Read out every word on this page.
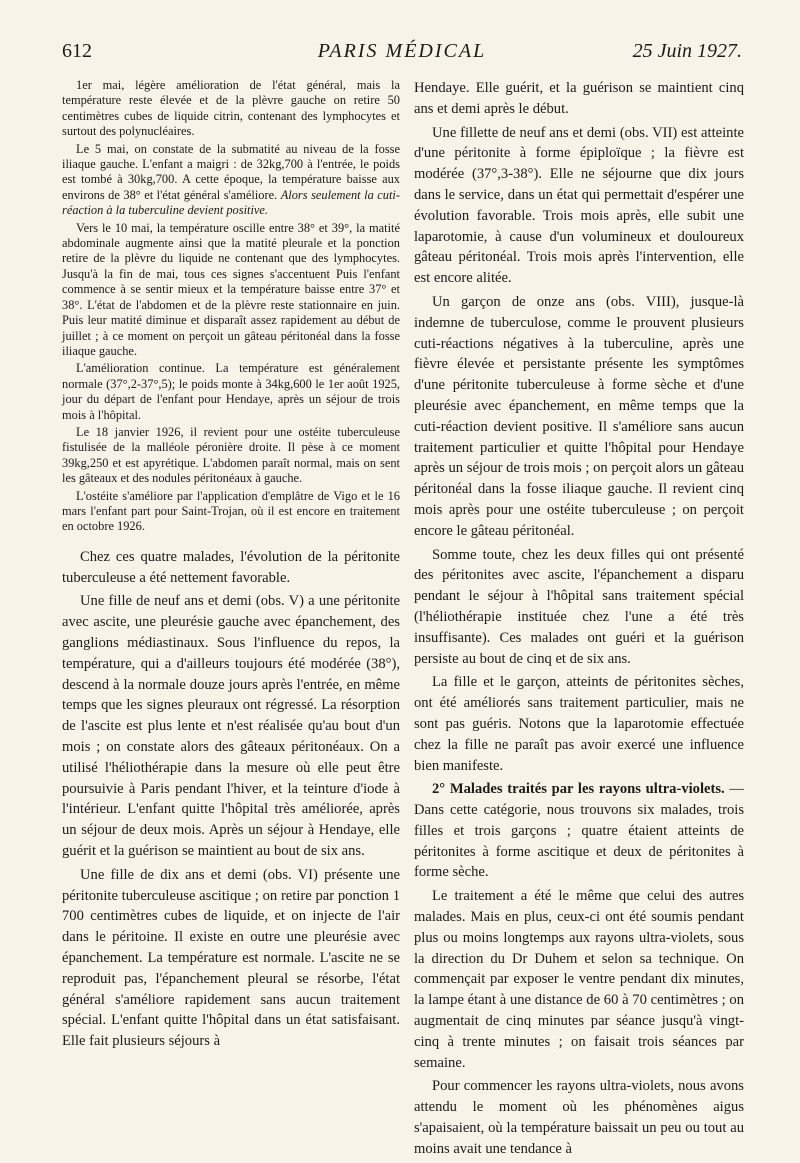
612	PARIS MÉDICAL	25 Juin 1927.

1er mai, légère amélioration de l'état général, mais la température reste élevée et de la plèvre gauche on retire 50 centimètres cubes de liquide citrin, contenant des lymphocytes et surtout des polynucléaires.

Le 5 mai, on constate de la submatité au niveau de la fosse iliaque gauche. L'enfant a maigri : de 32kg,700 à l'entrée, le poids est tombé à 30kg,700. A cette époque, la température baisse aux environs de 38° et l'état général s'améliore. Alors seulement la cuti-réaction à la tuberculine devient positive.

Vers le 10 mai, la température oscille entre 38° et 39°, la matité abdominale augmente ainsi que la matité pleurale et la ponction retire de la plèvre du liquide ne contenant que des lymphocytes. Jusqu'à la fin de mai, tous ces signes s'accentuent Puis l'enfant commence à se sentir mieux et la température baisse entre 37° et 38°. L'état de l'abdomen et de la plèvre reste stationnaire en juin. Puis leur matité diminue et disparaît assez rapidement au début de juillet ; à ce moment on perçoit un gâteau péritonéal dans la fosse iliaque gauche.

L'amélioration continue. La température est généralement normale (37°,2-37°,5); le poids monte à 34kg,600 le 1er août 1925, jour du départ de l'enfant pour Hendaye, après un séjour de trois mois à l'hôpital.

Le 18 janvier 1926, il revient pour une ostéite tuberculeuse fistulisée de la malléole péronière droite. Il pèse à ce moment 39kg,250 et est apyrétique. L'abdomen paraît normal, mais on sent les gâteaux et des nodules péritonéaux à gauche.

L'ostéite s'améliore par l'application d'emplâtre de Vigo et le 16 mars l'enfant part pour Saint-Trojan, où il est encore en traitement en octobre 1926.

Chez ces quatre malades, l'évolution de la péritonite tuberculeuse a été nettement favorable.

Une fille de neuf ans et demi (obs. V) a une péritonite avec ascite, une pleurésie gauche avec épanchement, des ganglions médiastinaux. Sous l'influence du repos, la température, qui a d'ailleurs toujours été modérée (38°), descend à la normale douze jours après l'entrée, en même temps que les signes pleuraux ont régressé. La résorption de l'ascite est plus lente et n'est réalisée qu'au bout d'un mois ; on constate alors des gâteaux péritonéaux. On a utilisé l'héliothérapie dans la mesure où elle peut être poursuivie à Paris pendant l'hiver, et la teinture d'iode à l'intérieur. L'enfant quitte l'hôpital très améliorée, après un séjour de deux mois. Après un séjour à Hendaye, elle guérit et la guérison se maintient au bout de six ans.

Une fille de dix ans et demi (obs. VI) présente une péritonite tuberculeuse ascitique ; on retire par ponction 1 700 centimètres cubes de liquide, et on injecte de l'air dans le péritoine. Il existe en outre une pleurésie avec épanchement. La température est normale. L'ascite ne se reproduit pas, l'épanchement pleural se résorbe, l'état général s'améliore rapidement sans aucun traitement spécial. L'enfant quitte l'hôpital dans un état satisfaisant. Elle fait plusieurs séjours à

Hendaye. Elle guérit, et la guérison se maintient cinq ans et demi après le début.

Une fillette de neuf ans et demi (obs. VII) est atteinte d'une péritonite à forme épiploïque ; la fièvre est modérée (37°,3-38°). Elle ne séjourne que dix jours dans le service, dans un état qui permettait d'espérer une évolution favorable. Trois mois après, elle subit une laparotomie, à cause d'un volumineux et douloureux gâteau péritonéal. Trois mois après l'intervention, elle est encore alitée.

Un garçon de onze ans (obs. VIII), jusque-là indemne de tuberculose, comme le prouvent plusieurs cuti-réactions négatives à la tuberculine, après une fièvre élevée et persistante présente les symptômes d'une péritonite tuberculeuse à forme sèche et d'une pleurésie avec épanchement, en même temps que la cuti-réaction devient positive. Il s'améliore sans aucun traitement particulier et quitte l'hôpital pour Hendaye après un séjour de trois mois ; on perçoit alors un gâteau péritonéal dans la fosse iliaque gauche. Il revient cinq mois après pour une ostéite tuberculeuse ; on perçoit encore le gâteau péritonéal.

Somme toute, chez les deux filles qui ont présenté des péritonites avec ascite, l'épanchement a disparu pendant le séjour à l'hôpital sans traitement spécial (l'héliothérapie instituée chez l'une a été très insuffisante). Ces malades ont guéri et la guérison persiste au bout de cinq et de six ans.

La fille et le garçon, atteints de péritonites sèches, ont été améliorés sans traitement particulier, mais ne sont pas guéris. Notons que la laparotomie effectuée chez la fille ne paraît pas avoir exercé une influence bien manifeste.

2° Malades traités par les rayons ultra-violets. — Dans cette catégorie, nous trouvons six malades, trois filles et trois garçons ; quatre étaient atteints de péritonites à forme ascitique et deux de péritonites à forme sèche.

Le traitement a été le même que celui des autres malades. Mais en plus, ceux-ci ont été soumis pendant plus ou moins longtemps aux rayons ultra-violets, sous la direction du Dr Duhem et selon sa technique. On commençait par exposer le ventre pendant dix minutes, la lampe étant à une distance de 60 à 70 centimètres ; on augmentait de cinq minutes par séance jusqu'à vingt-cinq à trente minutes ; on faisait trois séances par semaine.

Pour commencer les rayons ultra-violets, nous avons attendu le moment où les phénomènes aigus s'apaisaient, où la température baissait un peu ou tout au moins avait une tendance à
